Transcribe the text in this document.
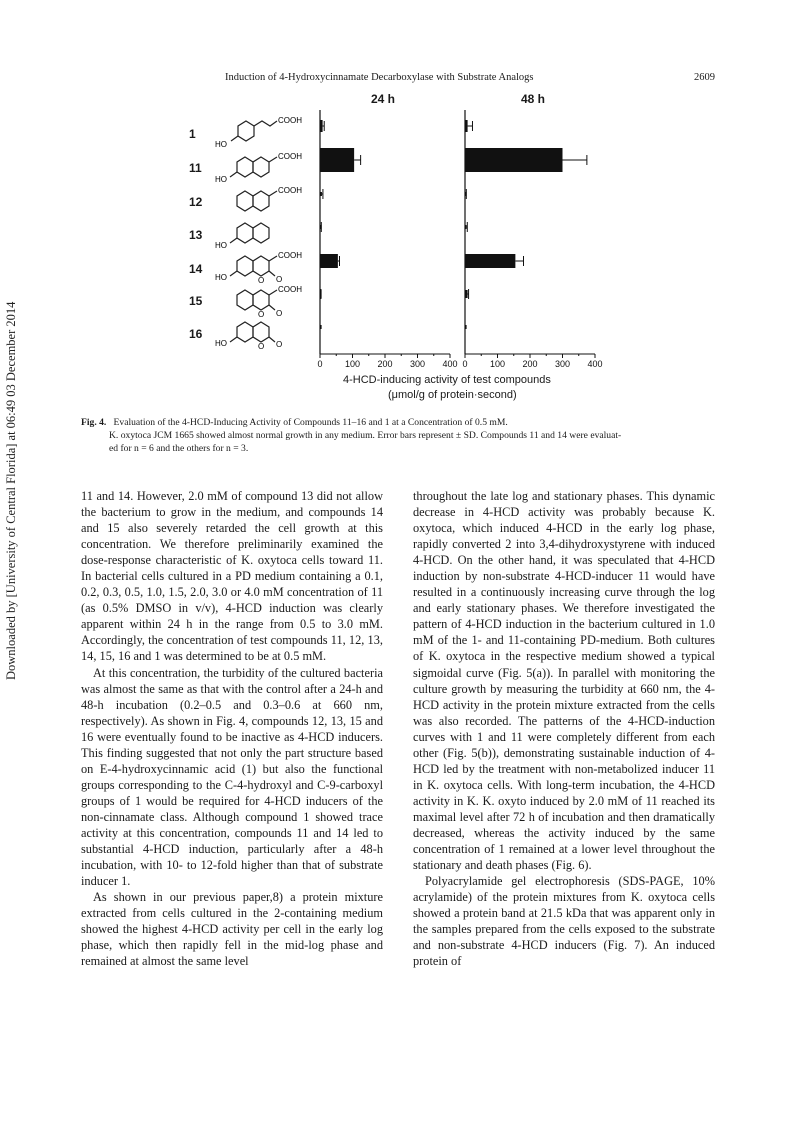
Downloaded by [University of Central Florida] at 06:49 03 December 2014
Induction of 4-Hydroxycinnamate Decarboxylase with Substrate Analogs	2609
24 h	48 h
1
11
12
13
14
15
16
HO
COOH
HO
COOH
COOH
HO
HO
COOH
O O
COOH
O O
HO	O O
0 100 200 300 400 0 100 200 300 400
4-HCD-inducing activity of test compounds
(μmol/g of protein·second)
Fig. 4. Evaluation of the 4-HCD-Inducing Activity of Compounds 11–16 and 1 at a Concentration of 0.5 mM.
K. oxytoca JCM 1665 showed almost normal growth in any medium. Error bars represent ± SD. Compounds 11 and 14 were evaluat-
ed for n = 6 and the others for n = 3.

11 and 14. However, 2.0 mM of compound 13 did not allow the bacterium to grow in the medium, and compounds 14 and 15 also severely retarded the cell growth at this concentration. We therefore preliminarily examined the dose-response characteristic of K. oxytoca cells toward 11. In bacterial cells cultured in a PD medium containing a 0.1, 0.2, 0.3, 0.5, 1.0, 1.5, 2.0, 3.0 or 4.0 mM concentration of 11 (as 0.5% DMSO in v/v), 4-HCD induction was clearly apparent within 24 h in the range from 0.5 to 3.0 mM. Accordingly, the concentration of test compounds 11, 12, 13, 14, 15, 16 and 1 was determined to be at 0.5 mM.

At this concentration, the turbidity of the cultured bacteria was almost the same as that with the control after a 24-h and 48-h incubation (0.2–0.5 and 0.3–0.6 at 660 nm, respectively). As shown in Fig. 4, compounds 12, 13, 15 and 16 were eventually found to be inactive as 4-HCD inducers. This finding suggested that not only the part structure based on E-4-hydroxycinnamic acid (1) but also the functional groups corresponding to the C-4-hydroxyl and C-9-carboxyl groups of 1 would be required for 4-HCD inducers of the non-cinnamate class. Although compound 1 showed trace activity at this concentration, compounds 11 and 14 led to substantial 4-HCD induction, particularly after a 48-h incubation, with 10- to 12-fold higher than that of substrate inducer 1.

As shown in our previous paper,8) a protein mixture extracted from cells cultured in the 2-containing medium showed the highest 4-HCD activity per cell in the early log phase, which then rapidly fell in the mid-log phase and remained at almost the same level

throughout the late log and stationary phases. This dynamic decrease in 4-HCD activity was probably because K. oxytoca, which induced 4-HCD in the early log phase, rapidly converted 2 into 3,4-dihydroxystyrene with induced 4-HCD. On the other hand, it was speculated that 4-HCD induction by non-substrate 4-HCD-inducer 11 would have resulted in a continuously increasing curve through the log and early stationary phases. We therefore investigated the pattern of 4-HCD induction in the bacterium cultured in 1.0 mM of the 1- and 11-containing PD-medium. Both cultures of K. oxytoca in the respective medium showed a typical sigmoidal curve (Fig. 5(a)). In parallel with monitoring the culture growth by measuring the turbidity at 660 nm, the 4-HCD activity in the protein mixture extracted from the cells was also recorded. The patterns of the 4-HCD-induction curves with 1 and 11 were completely different from each other (Fig. 5(b)), demonstrating sustainable induction of 4-HCD led by the treatment with non-metabolized inducer 11 in K. oxytoca cells. With long-term incubation, the 4-HCD activity in K. K. oxyto induced by 2.0 mM of 11 reached its maximal level after 72 h of incubation and then dramatically decreased, whereas the activity induced by the same concentration of 1 remained at a lower level throughout the stationary and death phases (Fig. 6).

Polyacrylamide gel electrophoresis (SDS-PAGE, 10% acrylamide) of the protein mixtures from K. oxytoca cells showed a protein band at 21.5 kDa that was apparent only in the samples prepared from the cells exposed to the substrate and non-substrate 4-HCD inducers (Fig. 7). An induced protein of
